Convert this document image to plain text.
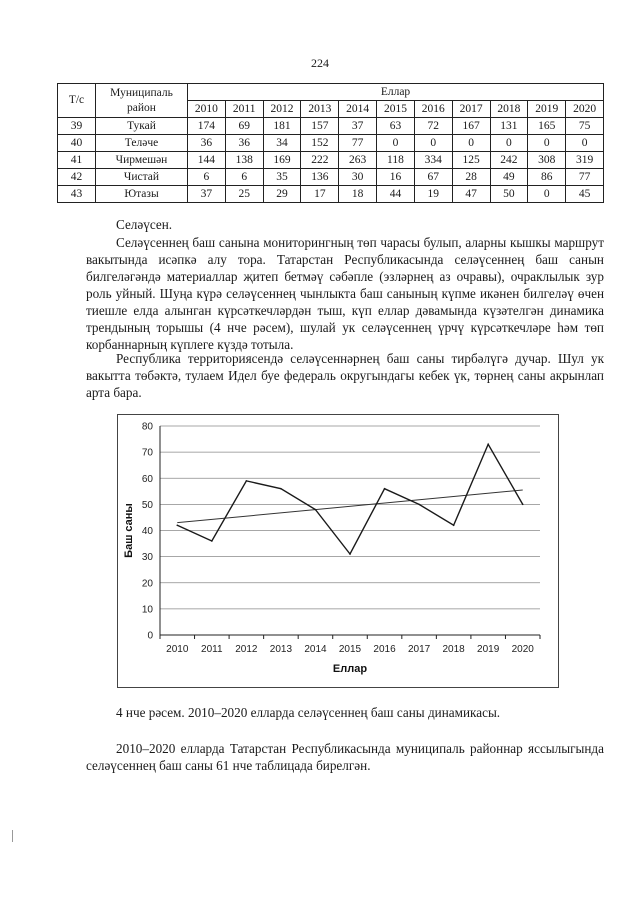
224
Т/с	Муниципаль район	Еллар										
		2010	2011	2012	2013	2014	2015	2016	2017	2018	2019	2020
39	Тукай	174	69	181	157	37	63	72	167	131	165	75
40	Теләче	36	36	34	152	77	0	0	0	0	0	0
41	Чирмешән	144	138	169	222	263	118	334	125	242	308	319
42	Чистай	6	6	35	136	30	16	67	28	49	86	77
43	Ютазы	37	25	29	17	18	44	19	47	50	0	45
Селәүсен.
Селәүсеннең баш санына мониторингның төп чарасы булып, аларны кышкы маршрут вакытында исәпкә алу тора. Татарстан Республикасында селәүсеннең баш санын билгеләгәндә материаллар җитеп бетмәү сәбәпле (эзләрнең аз очравы), очраклылык зур роль уйный. Шуңа күрә селәүсеннең чынлыкта баш санының күпме икәнен билгеләү өчен тиешле елда алынган күрсәткечләрдән тыш, күп еллар дәвамында күзәтелгән динамика трендының торышы (4 нче рәсем), шулай ук селәүсеннең үрчү күрсәткечләре һәм төп корбаннарның күплеге күздә тотыла.
Республика территориясендә селәүсеннәрнең баш саны тирбәлүгә дучар. Шул ук вакытта төбәктә, тулаем Идел буе федераль округындагы кебек үк, төрнең саны акрынлап арта бара.
0
10
20
30
40
50
60
70
80
2010 2011 2012 2013 2014 2015 2016 2017 2018 2019 2020
Еллар
Баш саны
4 нче рәсем. 2010–2020 елларда селәүсеннең баш саны динамикасы.
2010–2020 елларда Татарстан Республикасында муниципаль районнар яссылыгында селәүсеннең баш саны 61 нче таблицада бирелгән.
